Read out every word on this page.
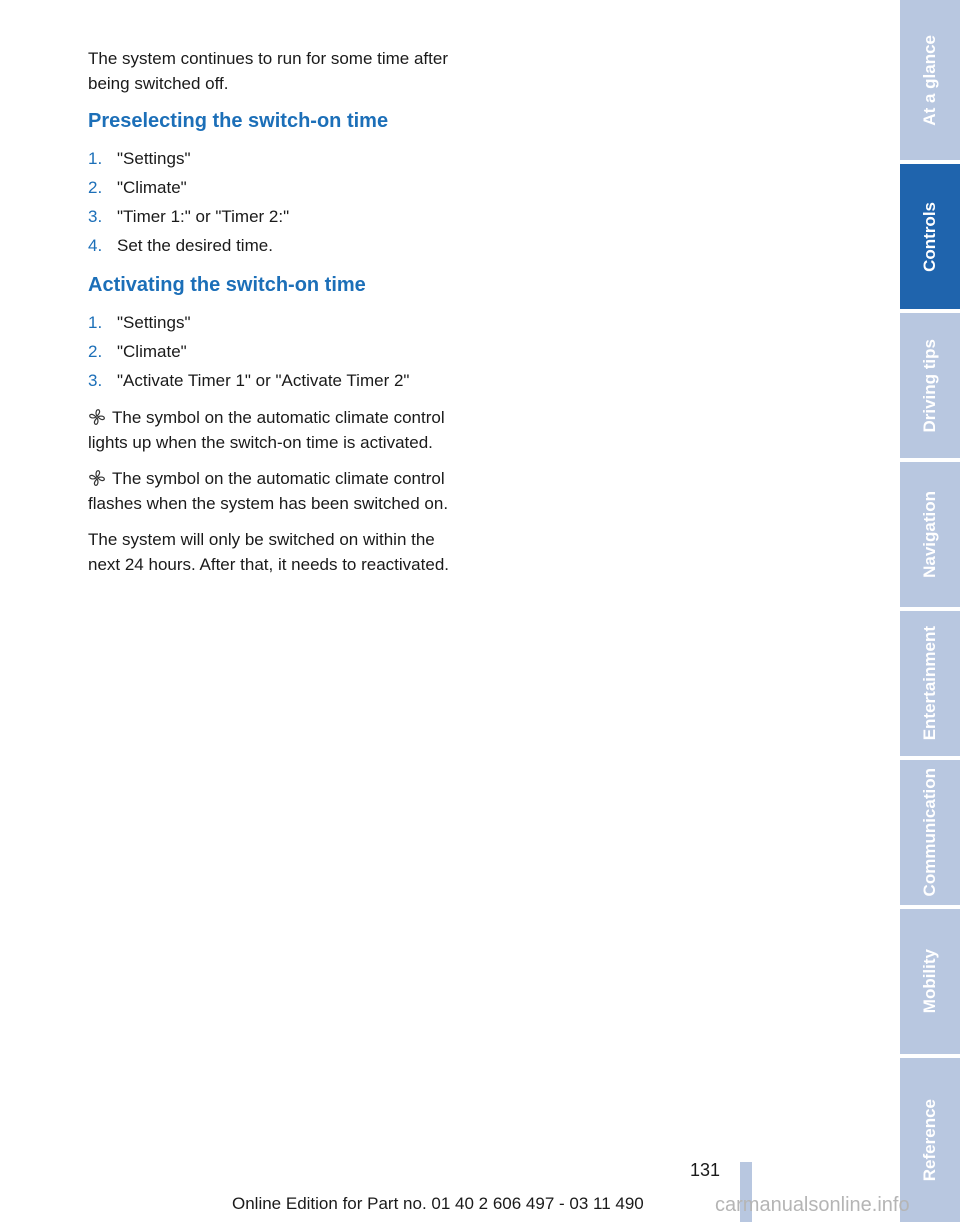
The system continues to run for some time after being switched off.

Preselecting the switch-on time
1. "Settings"
2. "Climate"
3. "Timer 1:" or "Timer 2:"
4. Set the desired time.
Activating the switch-on time
1. "Settings"
2. "Climate"
3. "Activate Timer 1" or "Activate Timer 2"

The symbol on the automatic climate control lights up when the switch-on time is activated.

The symbol on the automatic climate control flashes when the system has been switched on.

The system will only be switched on within the next 24 hours. After that, it needs to reactivated.

At a glance
Controls
Driving tips
Navigation
Entertainment
Communication
Mobility
Reference
131
Online Edition for Part no. 01 40 2 606 497 - 03 11 490	carmanualsonline.info
